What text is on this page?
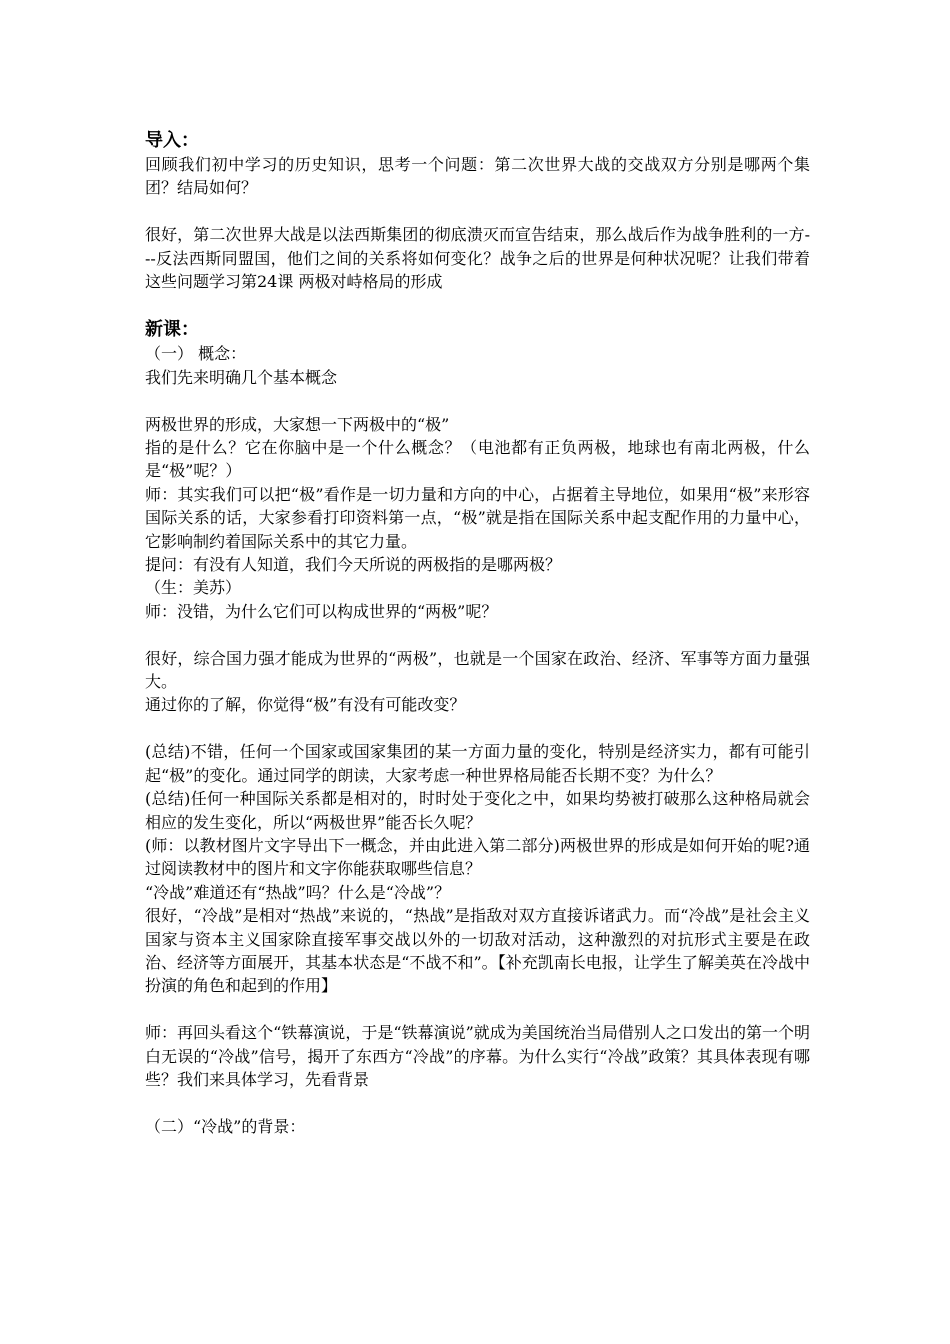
导入：

回顾我们初中学习的历史知识，思考一个问题：第二次世界大战的交战双方分别是哪两个集团？结局如何？

很好，第二次世界大战是以法西斯集团的彻底溃灭而宣告结束，那么战后作为战争胜利的一方---反法西斯同盟国，他们之间的关系将如何变化？战争之后的世界是何种状况呢？让我们带着这些问题学习第24课 两极对峙格局的形成

新课：

（一） 概念：

我们先来明确几个基本概念

两极世界的形成，大家想一下两极中的“极”

指的是什么？它在你脑中是一个什么概念？（电池都有正负两极，地球也有南北两极，什么是“极”呢？）

师：其实我们可以把“极”看作是一切力量和方向的中心，占据着主导地位，如果用“极”来形容国际关系的话，大家参看打印资料第一点，“极”就是指在国际关系中起支配作用的力量中心，它影响制约着国际关系中的其它力量。

提问：有没有人知道，我们今天所说的两极指的是哪两极？

（生：美苏）

师：没错，为什么它们可以构成世界的“两极”呢？

很好，综合国力强才能成为世界的“两极”，也就是一个国家在政治、经济、军事等方面力量强大。

通过你的了解，你觉得“极”有没有可能改变？

(总结)不错，任何一个国家或国家集团的某一方面力量的变化，特别是经济实力，都有可能引起“极”的变化。通过同学的朗读，大家考虑一种世界格局能否长期不变？为什么？

(总结)任何一种国际关系都是相对的，时时处于变化之中，如果均势被打破那么这种格局就会相应的发生变化，所以“两极世界”能否长久呢？

(师：以教材图片文字导出下一概念，并由此进入第二部分)两极世界的形成是如何开始的呢?通过阅读教材中的图片和文字你能获取哪些信息？

“冷战”难道还有“热战”吗？什么是“冷战”？

很好，“冷战”是相对“热战”来说的，“热战”是指敌对双方直接诉诸武力。而“冷战”是社会主义国家与资本主义国家除直接军事交战以外的一切敌对活动，这种激烈的对抗形式主要是在政治、经济等方面展开，其基本状态是“不战不和”。【补充凯南长电报，让学生了解美英在冷战中扮演的角色和起到的作用】

师：再回头看这个“铁幕演说，于是“铁幕演说”就成为美国统治当局借别人之口发出的第一个明白无误的“冷战”信号，揭开了东西方“冷战”的序幕。为什么实行“冷战”政策？其具体表现有哪些？我们来具体学习，先看背景

（二）“冷战”的背景：
